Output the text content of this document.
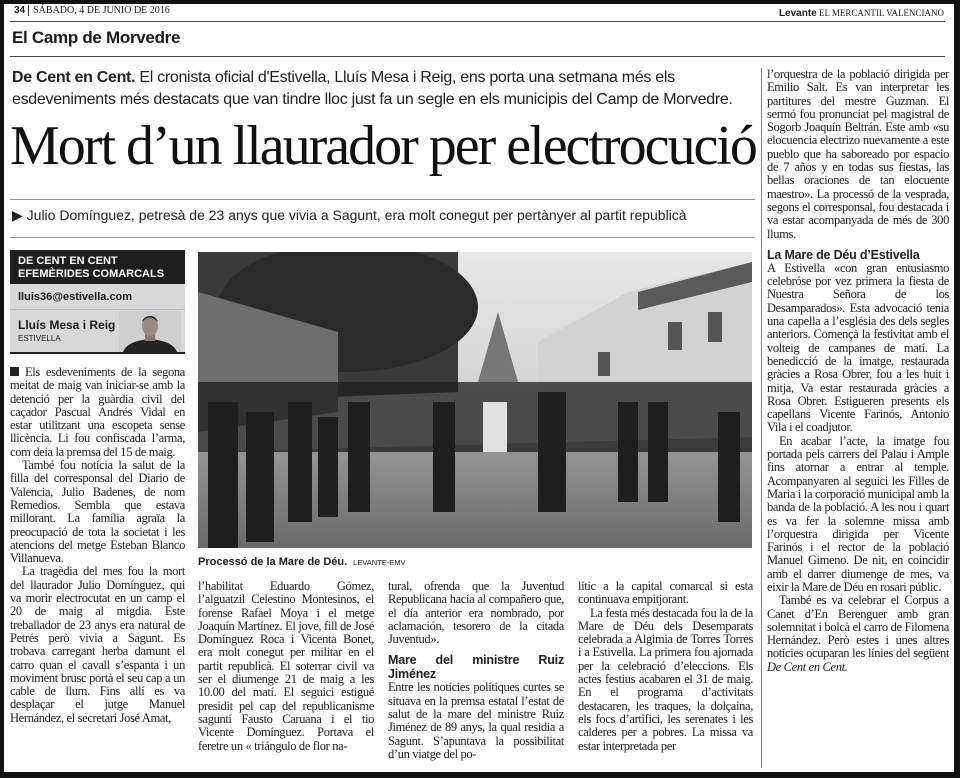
34 SÁBADO, 4 DE JUNIO DE 2016	Levante EL MERCANTIL VALENCIANO
El Camp de Morvedre
De Cent en Cent. El cronista oficial d'Estivella, Lluís Mesa i Reig, ens porta una setmana més els esdeveniments més destacats que van tindre lloc just fa un segle en els municipis del Camp de Morvedre.
Mort d’un llaurador per electrocució
▶ Julio Domínguez, petresà de 23 anys que vivia a Sagunt, era molt conegut per pertànyer al partit republicà
DE CENT EN CENT
EFEMÈRIDES COMARCALS
lluis36@estivella.com
Lluís Mesa i Reig
ESTIVELLA
Processó de la Mare de Déu. LEVANTE-EMV

Els esdeveniments de la segona meitat de maig van iniciar-se amb la detenció per la guàrdia civil del caçador Pascual Andrés Vidal en estar utilitzant una escopeta sense llicència. Li fou confiscada l’arma, com deia la premsa del 15 de maig.

També fou notícia la salut de la filla del corresponsal del Diario de Valencia, Julio Badenes, de nom Remedios. Sembla que estava millorant. La família agraïa la preocupació de tota la societat i les atencions del metge Esteban Blanco Villanueva.

La tragèdia del mes fou la mort del llaurador Julio Domínguez, qui va morir electrocutat en un camp el 20 de maig al migdia. Este treballador de 23 anys era natural de Petrés però vivia a Sagunt. Es trobava carregant herba damunt el carro quan el cavall s’espanta i un moviment brusc portà el seu cap a un cable de llum. Fins allí es va desplaçar el jutge Manuel Hernández, el secretari José Amat,

l’habilitat Eduardo Gómez, l’alguatzil Celestino Montesinos, el forense Rafael Moya i el metge Joaquín Martínez. El jove, fill de José Domínguez Roca i Vicenta Bonet, era molt conegut per militar en el partit republicà. El soterrar civil va ser el diumenge 21 de maig a les 10.00 del matí. El seguici estigué presidit pel cap del republicanisme saguntí Fausto Caruana i el tio Vicente Domínguez. Portava el feretre un « triángulo de flor na-

tural, ofrenda que la Juventud Republicana hacía al compañero que, el día anterior era nombrado, por aclamación, tesorero de la citada Juventud».

Mare del ministre Ruiz Jiménez

Entre les notícies polítiques curtes se situava en la premsa estatal l’estat de salut de la mare del ministre Ruiz Jiménez de 89 anys, la qual residia a Sagunt. S’apuntava la possibilitat d’un viatge del po-

lític a la capital comarcal si esta continuava empitjorant.

La festa més destacada fou la de la Mare de Déu dels Desemparats celebrada a Algimia de Torres Torres i a Estivella. La primera fou ajornada per la celebració d’eleccions. Els actes festius acabaren el 31 de maig. En el programa d’activitats destacaren, les traques, la dolçaina, els focs d’artifici, les serenates i les calderes per a pobres. La missa va estar interpretada per

l’orquestra de la població dirigida per Emilio Salt. Es van interpretar les partitures del mestre Guzman. El sermó fou pronunciat pel magistral de Sogorb Joaquín Beltrán. Este amb «su elocuencia electrizo nuevamente a este pueblo que ha saboreado por espacio de 7 años y en todas sus fiestas, las bellas oraciones de tan elocuente maestro». La processó de la vesprada, segons el corresponsal, fou destacada i va estar acompanyada de més de 300 llums.

La Mare de Déu d’Estivella

A Estivella «con gran entusiasmo celebróse por vez primera la fiesta de Nuestra Señora de los Desamparados». Esta advocació tenia una capella a l’església des dels segles anteriors. Començà la festivitat amb el volteig de campanes de matí. La benedicció de la imatge, restaurada gràcies a Rosa Obrer, fou a les huit i mitja, Va estar restaurada gràcies a Rosa Obrer. Estigueren presents els capellans Vicente Farinós, Antonio Vila i el coadjutor.

En acabar l’acte, la imatge fou portada pels carrers del Palau i Ample fins atornar a entrar al temple. Acompanyaren al seguici les Filles de Maria i la corporació municipal amb la banda de la població. A les nou i quart es va fer la solemne missa amb l’orquestra dirigida per Vicente Farinós i el rector de la població Manuel Gimeno. De nit, en coincidir amb el darrer diumenge de mes, va eixir la Mare de Déu en rosari públic.

També es va celebrar el Corpus a Canet d’En Berenguer amb gran solemnitat i bolcà el carro de Filomena Hernández. Però estes i unes altres notícies ocuparan les línies del següent De Cent en Cent.
